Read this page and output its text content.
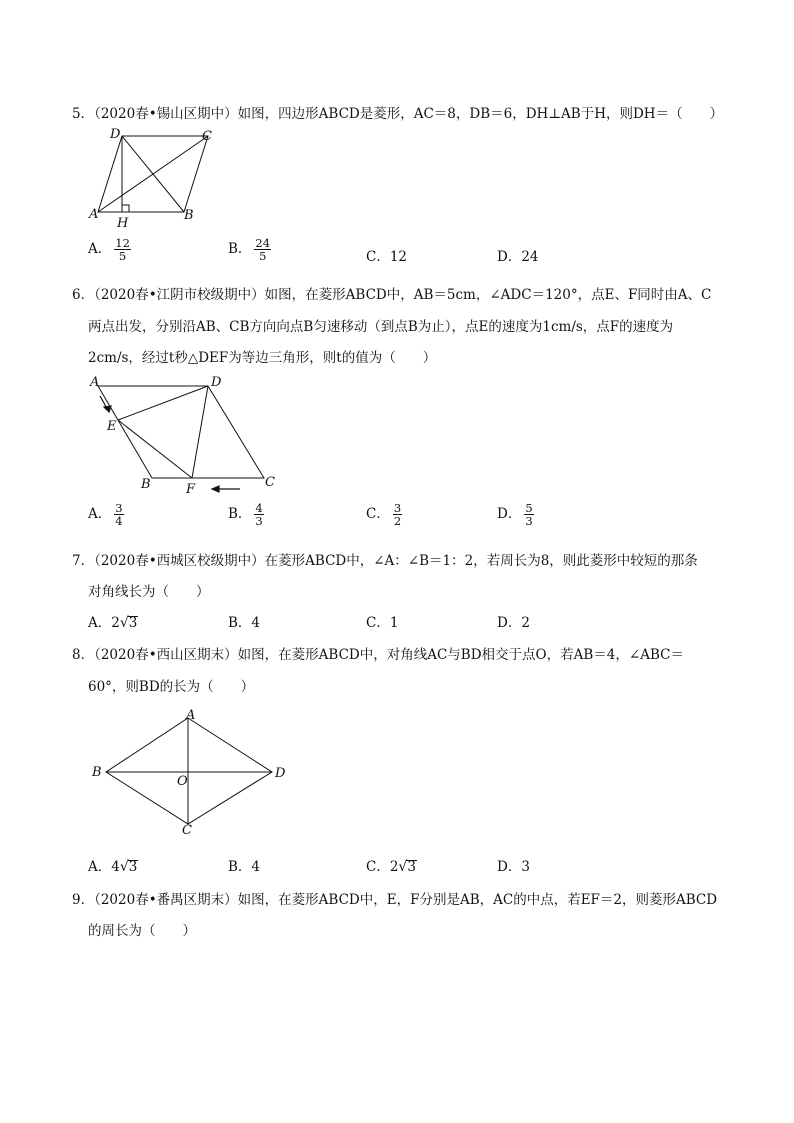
5．（2020春•锡山区期中）如图，四边形ABCD是菱形，AC＝8，DB＝6，DH⊥AB于H，则DH＝（　　）
D	C
A
H
B
A． $\frac{12}{5}$	B． $\frac{24}{5}$	C．12	D．24
6．（2020春•江阴市校级期中）如图，在菱形ABCD中，AB＝5cm，∠ADC＝120°，点E、F同时由A、C
两点出发，分别沿AB、CB方向向点B匀速移动（到点B为止），点E的速度为1cm/s，点F的速度为
2cm/s，经过t秒△DEF为等边三角形，则t的值为（　　）
A	D
E
B	F	C
A． $\frac{3}{4}$	B． $\frac{4}{3}$	C． $\frac{3}{2}$	D． $\frac{5}{3}$
7．（2020春•西城区校级期中）在菱形ABCD中，∠A：∠B＝1：2，若周长为8，则此菱形中较短的那条
对角线长为（　　）
A．2√3	B．4	C．1	D．2
8．（2020春•西山区期末）如图，在菱形ABCD中，对角线AC与BD相交于点O，若AB＝4，∠ABC＝
60°，则BD的长为（　　）
A
B
O
D
C
A．4√3	B．4	C．2√3	D．3
9．（2020春•番禺区期末）如图，在菱形ABCD中，E，F分别是AB，AC的中点，若EF＝2，则菱形ABCD
的周长为（　　）
